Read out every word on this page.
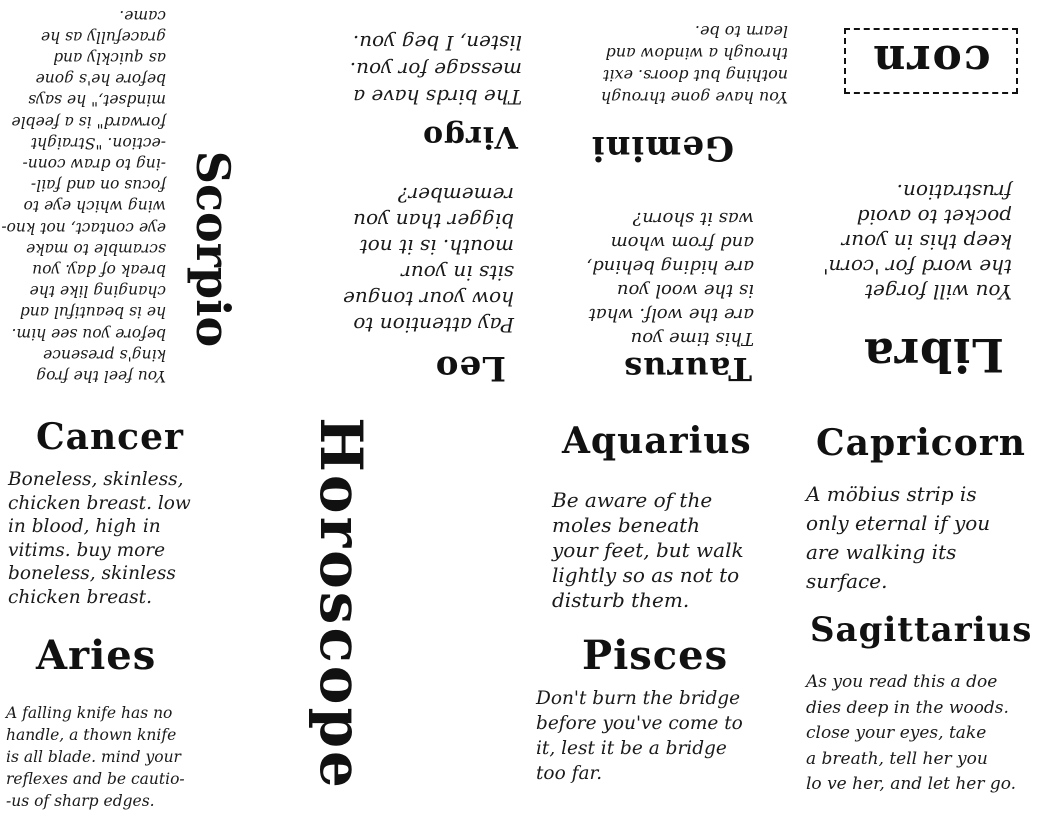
You feel the frog
king's presence
before you see him.
he is beautiful and
changing like the
break of day. you
scramble to make
eye contact, not kno-
wing which eye to
focus on and fail-
-ing to draw conn-
-ection. "Straight
forward" is a feeble
mindset," he says
before he's gone
as quickly and
gracefully as he
came.
Scorpio
Leo
Pay attention to
how your tongue
sits in your
mouth. is it not
bigger than you
remember?
Virgo
The birds have a
message for you.
listen, I beg you.
Taurus
This time you
are the wolf. what
is the wool you
are hiding behind,
and from whom
was it shorn?
Gemini
You have gone through
nothing but doors. exit
through a window and
learn to be.
Libra
You will forget
the word for 'corn'
keep this in your
pocket to avoid
frustration.
corn
Cancer
Boneless, skinless,
chicken breast. low
in blood, high in
vitims. buy more
boneless, skinless
chicken breast.
Aries
A falling knife has no
handle, a thown knife
is all blade. mind your
reflexes and be cautio-
-us of sharp edges.
Horoscope	Aquarius
Be aware of the
moles beneath
your feet, but walk
lightly so as not to
disturb them.
Pisces
Don't burn the bridge
before you've come to
it, lest it be a bridge
too far.
Capricorn
A möbius strip is
only eternal if you
are walking its
surface.
Sagittarius
As you read this a doe
dies deep in the woods.
close your eyes, take
a breath, tell her you
lo ve her, and let her go.
